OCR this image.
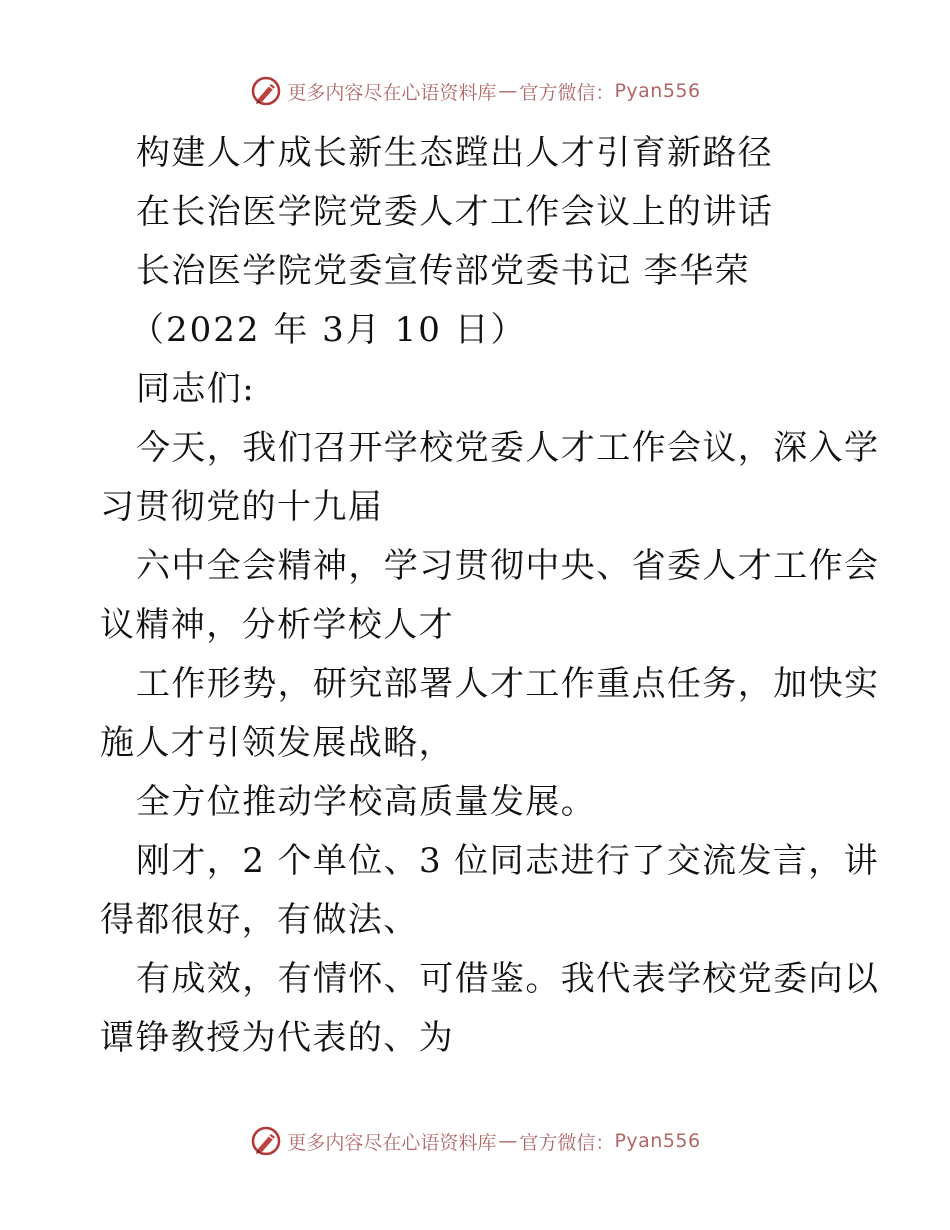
更多内容尽在心语资料库 — 官方微信： Pyan556
构建人才成长新生态蹚出人才引育新路径
在长治医学院党委人才工作会议上的讲话
长治医学院党委宣传部党委书记 李华荣
（2022 年 3月 10 日）
同志们:
今天，我们召开学校党委人才工作会议，深入学
习贯彻党的十九届
六中全会精神，学习贯彻中央、省委人才工作会
议精神，分析学校人才
工作形势，研究部署人才工作重点任务，加快实
施人才引领发展战略，
全方位推动学校高质量发展。
刚才，2 个单位、3 位同志进行了交流发言，讲
得都很好，有做法、
有成效，有情怀、可借鉴。我代表学校党委向以
谭铮教授为代表的、为
更多内容尽在心语资料库 — 官方微信： Pyan556
